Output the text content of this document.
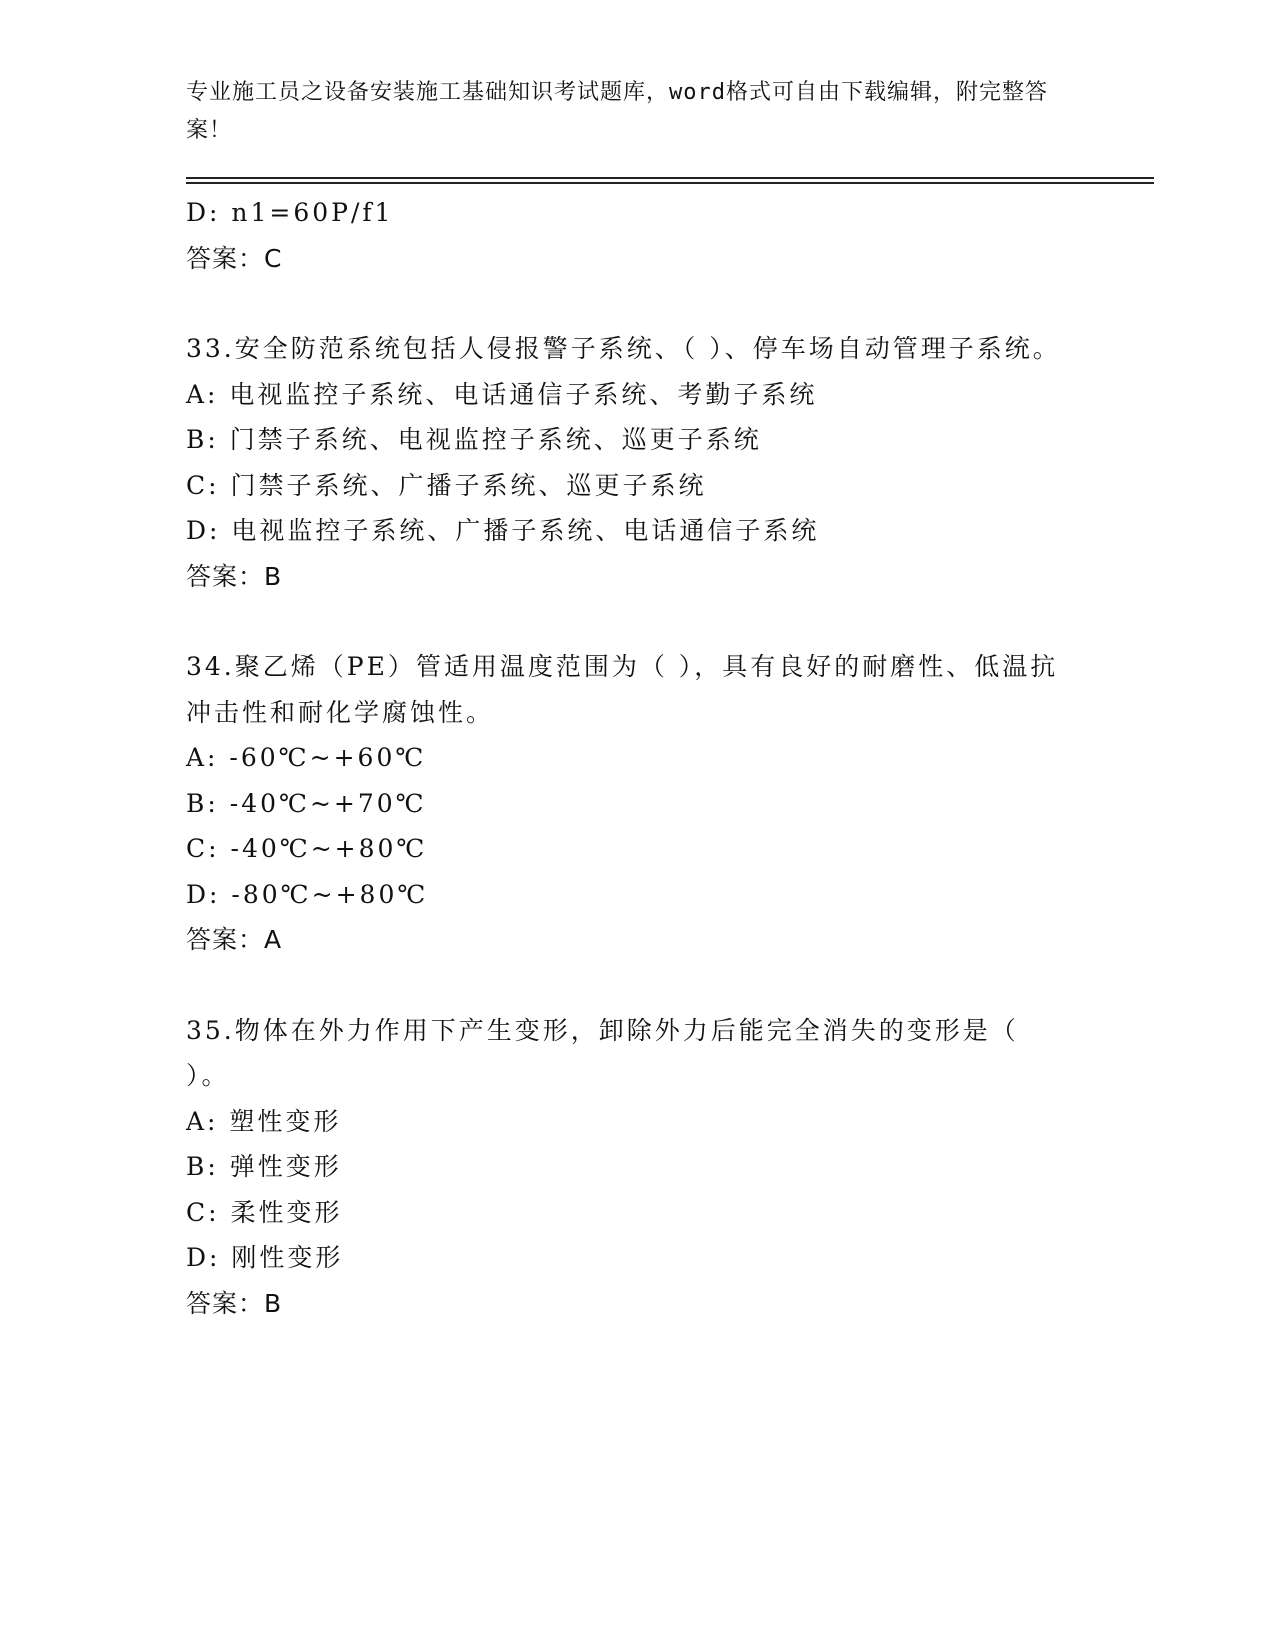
专业施工员之设备安装施工基础知识考试题库，word格式可自由下载编辑，附完整答案！
D: n1=60P/f1
答案：C
33.安全防范系统包括人侵报警子系统、（ ）、停车场自动管理子系统。
A: 电视监控子系统、电话通信子系统、考勤子系统
B: 门禁子系统、电视监控子系统、巡更子系统
C: 门禁子系统、广播子系统、巡更子系统
D: 电视监控子系统、广播子系统、电话通信子系统
答案：B
34.聚乙烯（PE）管适用温度范围为（ ），具有良好的耐磨性、低温抗冲击性和耐化学腐蚀性。
A: -60℃~+60℃
B: -40℃~+70℃
C: -40℃~+80℃
D: -80℃~+80℃
答案：A
35.物体在外力作用下产生变形，卸除外力后能完全消失的变形是（ ）。
A: 塑性变形
B: 弹性变形
C: 柔性变形
D: 刚性变形
答案：B
